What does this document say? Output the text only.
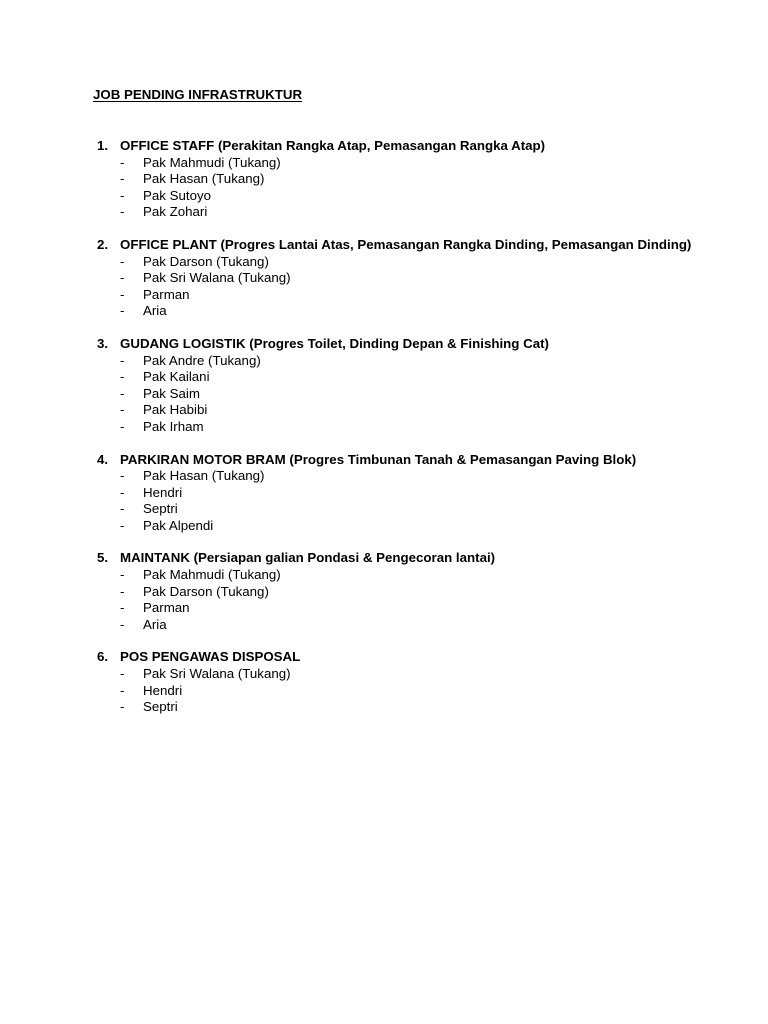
JOB PENDING INFRASTRUKTUR
1. OFFICE STAFF (Perakitan Rangka Atap, Pemasangan Rangka Atap)
- Pak Mahmudi (Tukang)
- Pak Hasan (Tukang)
- Pak Sutoyo
- Pak Zohari
2. OFFICE PLANT (Progres Lantai Atas, Pemasangan Rangka Dinding, Pemasangan Dinding)
- Pak Darson (Tukang)
- Pak Sri Walana (Tukang)
- Parman
- Aria
3. GUDANG LOGISTIK (Progres Toilet, Dinding Depan & Finishing Cat)
- Pak Andre (Tukang)
- Pak Kailani
- Pak Saim
- Pak Habibi
- Pak Irham
4. PARKIRAN MOTOR BRAM (Progres Timbunan Tanah & Pemasangan Paving Blok)
- Pak Hasan (Tukang)
- Hendri
- Septri
- Pak Alpendi
5. MAINTANK (Persiapan galian Pondasi & Pengecoran lantai)
- Pak Mahmudi (Tukang)
- Pak Darson (Tukang)
- Parman
- Aria
6. POS PENGAWAS DISPOSAL
- Pak Sri Walana (Tukang)
- Hendri
- Septri
